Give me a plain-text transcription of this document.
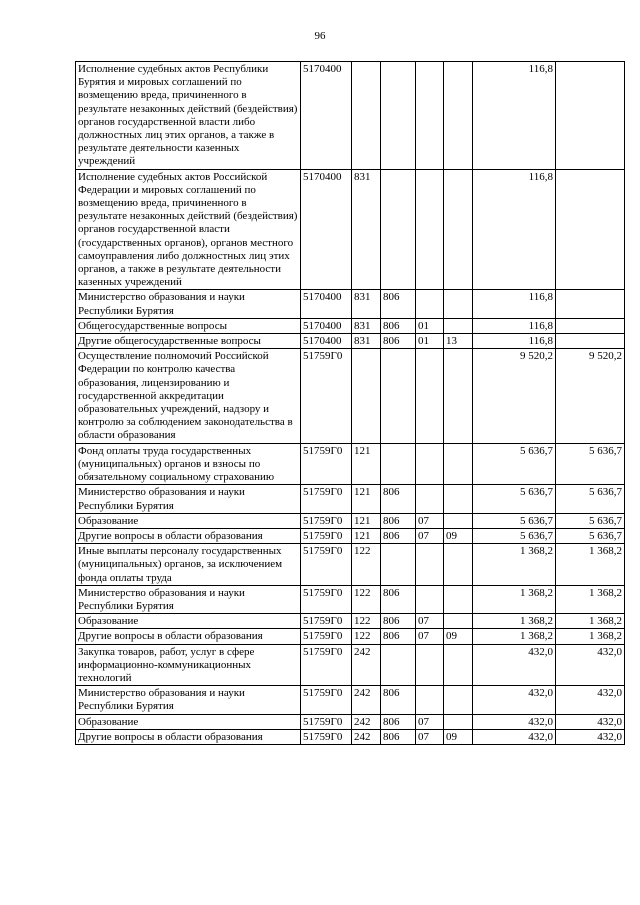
96
Исполнение судебных актов Республики Бурятия и мировых соглашений по возмещению вреда, причиненного в результате незаконных действий (бездействия) органов государственной власти либо должностных лиц этих органов, а также в результате деятельности казенных учреждений	5170400					116,8	
Исполнение судебных актов Российской Федерации и мировых соглашений по возмещению вреда, причиненного в результате незаконных действий (бездействия) органов государственной власти (государственных органов), органов местного самоуправления либо должностных лиц этих органов, а также в результате деятельности казенных учреждений	5170400	831				116,8	
Министерство образования и науки Республики Бурятия	5170400	831	806			116,8	
Общегосударственные вопросы	5170400	831	806	01		116,8	
Другие общегосударственные вопросы	5170400	831	806	01	13	116,8	
Осуществление полномочий Российской Федерации по контролю качества образования, лицензированию и государственной аккредитации образовательных учреждений, надзору и контролю за соблюдением законодательства в области образования	51759Г0					9 520,2	9 520,2
Фонд оплаты труда государственных (муниципальных) органов и взносы по обязательному социальному страхованию	51759Г0	121				5 636,7	5 636,7
Министерство образования и науки Республики Бурятия	51759Г0	121	806			5 636,7	5 636,7
Образование	51759Г0	121	806	07		5 636,7	5 636,7
Другие вопросы в области образования	51759Г0	121	806	07	09	5 636,7	5 636,7
Иные выплаты персоналу государственных (муниципальных) органов, за исключением фонда оплаты труда	51759Г0	122				1 368,2	1 368,2
Министерство образования и науки Республики Бурятия	51759Г0	122	806			1 368,2	1 368,2
Образование	51759Г0	122	806	07		1 368,2	1 368,2
Другие вопросы в области образования	51759Г0	122	806	07	09	1 368,2	1 368,2
Закупка товаров, работ, услуг в сфере информационно-коммуникационных технологий	51759Г0	242				432,0	432,0
Министерство образования и науки Республики Бурятия	51759Г0	242	806			432,0	432,0
Образование	51759Г0	242	806	07		432,0	432,0
Другие вопросы в области образования	51759Г0	242	806	07	09	432,0	432,0
